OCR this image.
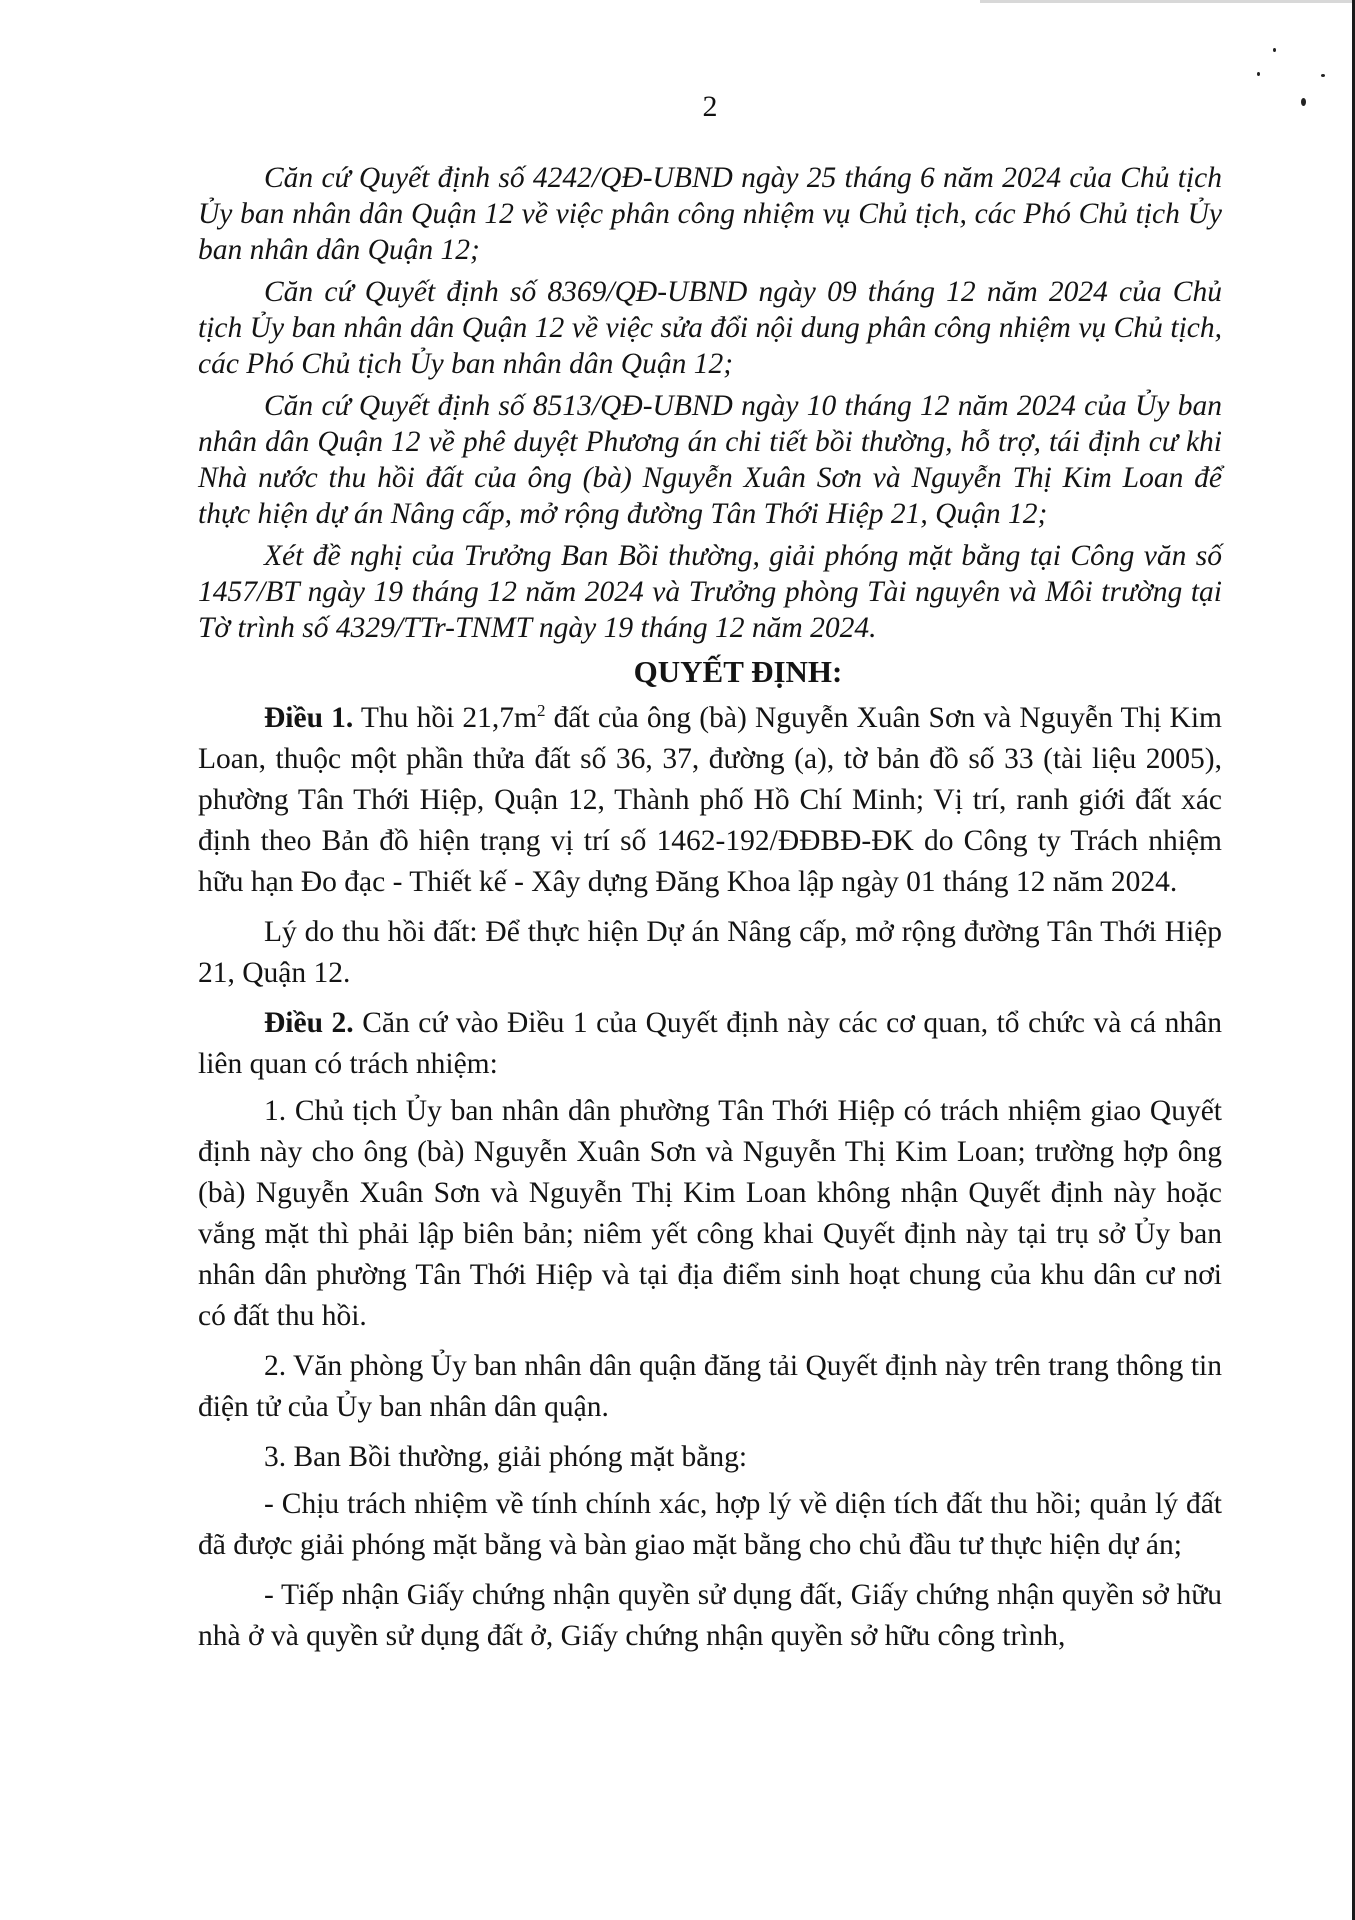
2

Căn cứ Quyết định số 4242/QĐ-UBND ngày 25 tháng 6 năm 2024 của Chủ tịch Ủy ban nhân dân Quận 12 về việc phân công nhiệm vụ Chủ tịch, các Phó Chủ tịch Ủy ban nhân dân Quận 12;

Căn cứ Quyết định số 8369/QĐ-UBND ngày 09 tháng 12 năm 2024 của Chủ tịch Ủy ban nhân dân Quận 12 về việc sửa đổi nội dung phân công nhiệm vụ Chủ tịch, các Phó Chủ tịch Ủy ban nhân dân Quận 12;

Căn cứ Quyết định số 8513/QĐ-UBND ngày 10 tháng 12 năm 2024 của Ủy ban nhân dân Quận 12 về phê duyệt Phương án chi tiết bồi thường, hỗ trợ, tái định cư khi Nhà nước thu hồi đất của ông (bà) Nguyễn Xuân Sơn và Nguyễn Thị Kim Loan để thực hiện dự án Nâng cấp, mở rộng đường Tân Thới Hiệp 21, Quận 12;

Xét đề nghị của Trưởng Ban Bồi thường, giải phóng mặt bằng tại Công văn số 1457/BT ngày 19 tháng 12 năm 2024 và Trưởng phòng Tài nguyên và Môi trường tại Tờ trình số 4329/TTr-TNMT ngày 19 tháng 12 năm 2024.

QUYẾT ĐỊNH:

Điều 1. Thu hồi $21,7m^2$ đất của ông (bà) Nguyễn Xuân Sơn và Nguyễn Thị Kim Loan, thuộc một phần thửa đất số 36, 37, đường (a), tờ bản đồ số 33 (tài liệu 2005), phường Tân Thới Hiệp, Quận 12, Thành phố Hồ Chí Minh; Vị trí, ranh giới đất xác định theo Bản đồ hiện trạng vị trí số 1462-192/ĐĐBĐ-ĐK do Công ty Trách nhiệm hữu hạn Đo đạc - Thiết kế - Xây dựng Đăng Khoa lập ngày 01 tháng 12 năm 2024.

Lý do thu hồi đất: Để thực hiện Dự án Nâng cấp, mở rộng đường Tân Thới Hiệp 21, Quận 12.

Điều 2. Căn cứ vào Điều 1 của Quyết định này các cơ quan, tổ chức và cá nhân liên quan có trách nhiệm:

1. Chủ tịch Ủy ban nhân dân phường Tân Thới Hiệp có trách nhiệm giao Quyết định này cho ông (bà) Nguyễn Xuân Sơn và Nguyễn Thị Kim Loan; trường hợp ông (bà) Nguyễn Xuân Sơn và Nguyễn Thị Kim Loan không nhận Quyết định này hoặc vắng mặt thì phải lập biên bản; niêm yết công khai Quyết định này tại trụ sở Ủy ban nhân dân phường Tân Thới Hiệp và tại địa điểm sinh hoạt chung của khu dân cư nơi có đất thu hồi.

2. Văn phòng Ủy ban nhân dân quận đăng tải Quyết định này trên trang thông tin điện tử của Ủy ban nhân dân quận.

3. Ban Bồi thường, giải phóng mặt bằng:

- Chịu trách nhiệm về tính chính xác, hợp lý về diện tích đất thu hồi; quản lý đất đã được giải phóng mặt bằng và bàn giao mặt bằng cho chủ đầu tư thực hiện dự án;

- Tiếp nhận Giấy chứng nhận quyền sử dụng đất, Giấy chứng nhận quyền sở hữu nhà ở và quyền sử dụng đất ở, Giấy chứng nhận quyền sở hữu công trình,
